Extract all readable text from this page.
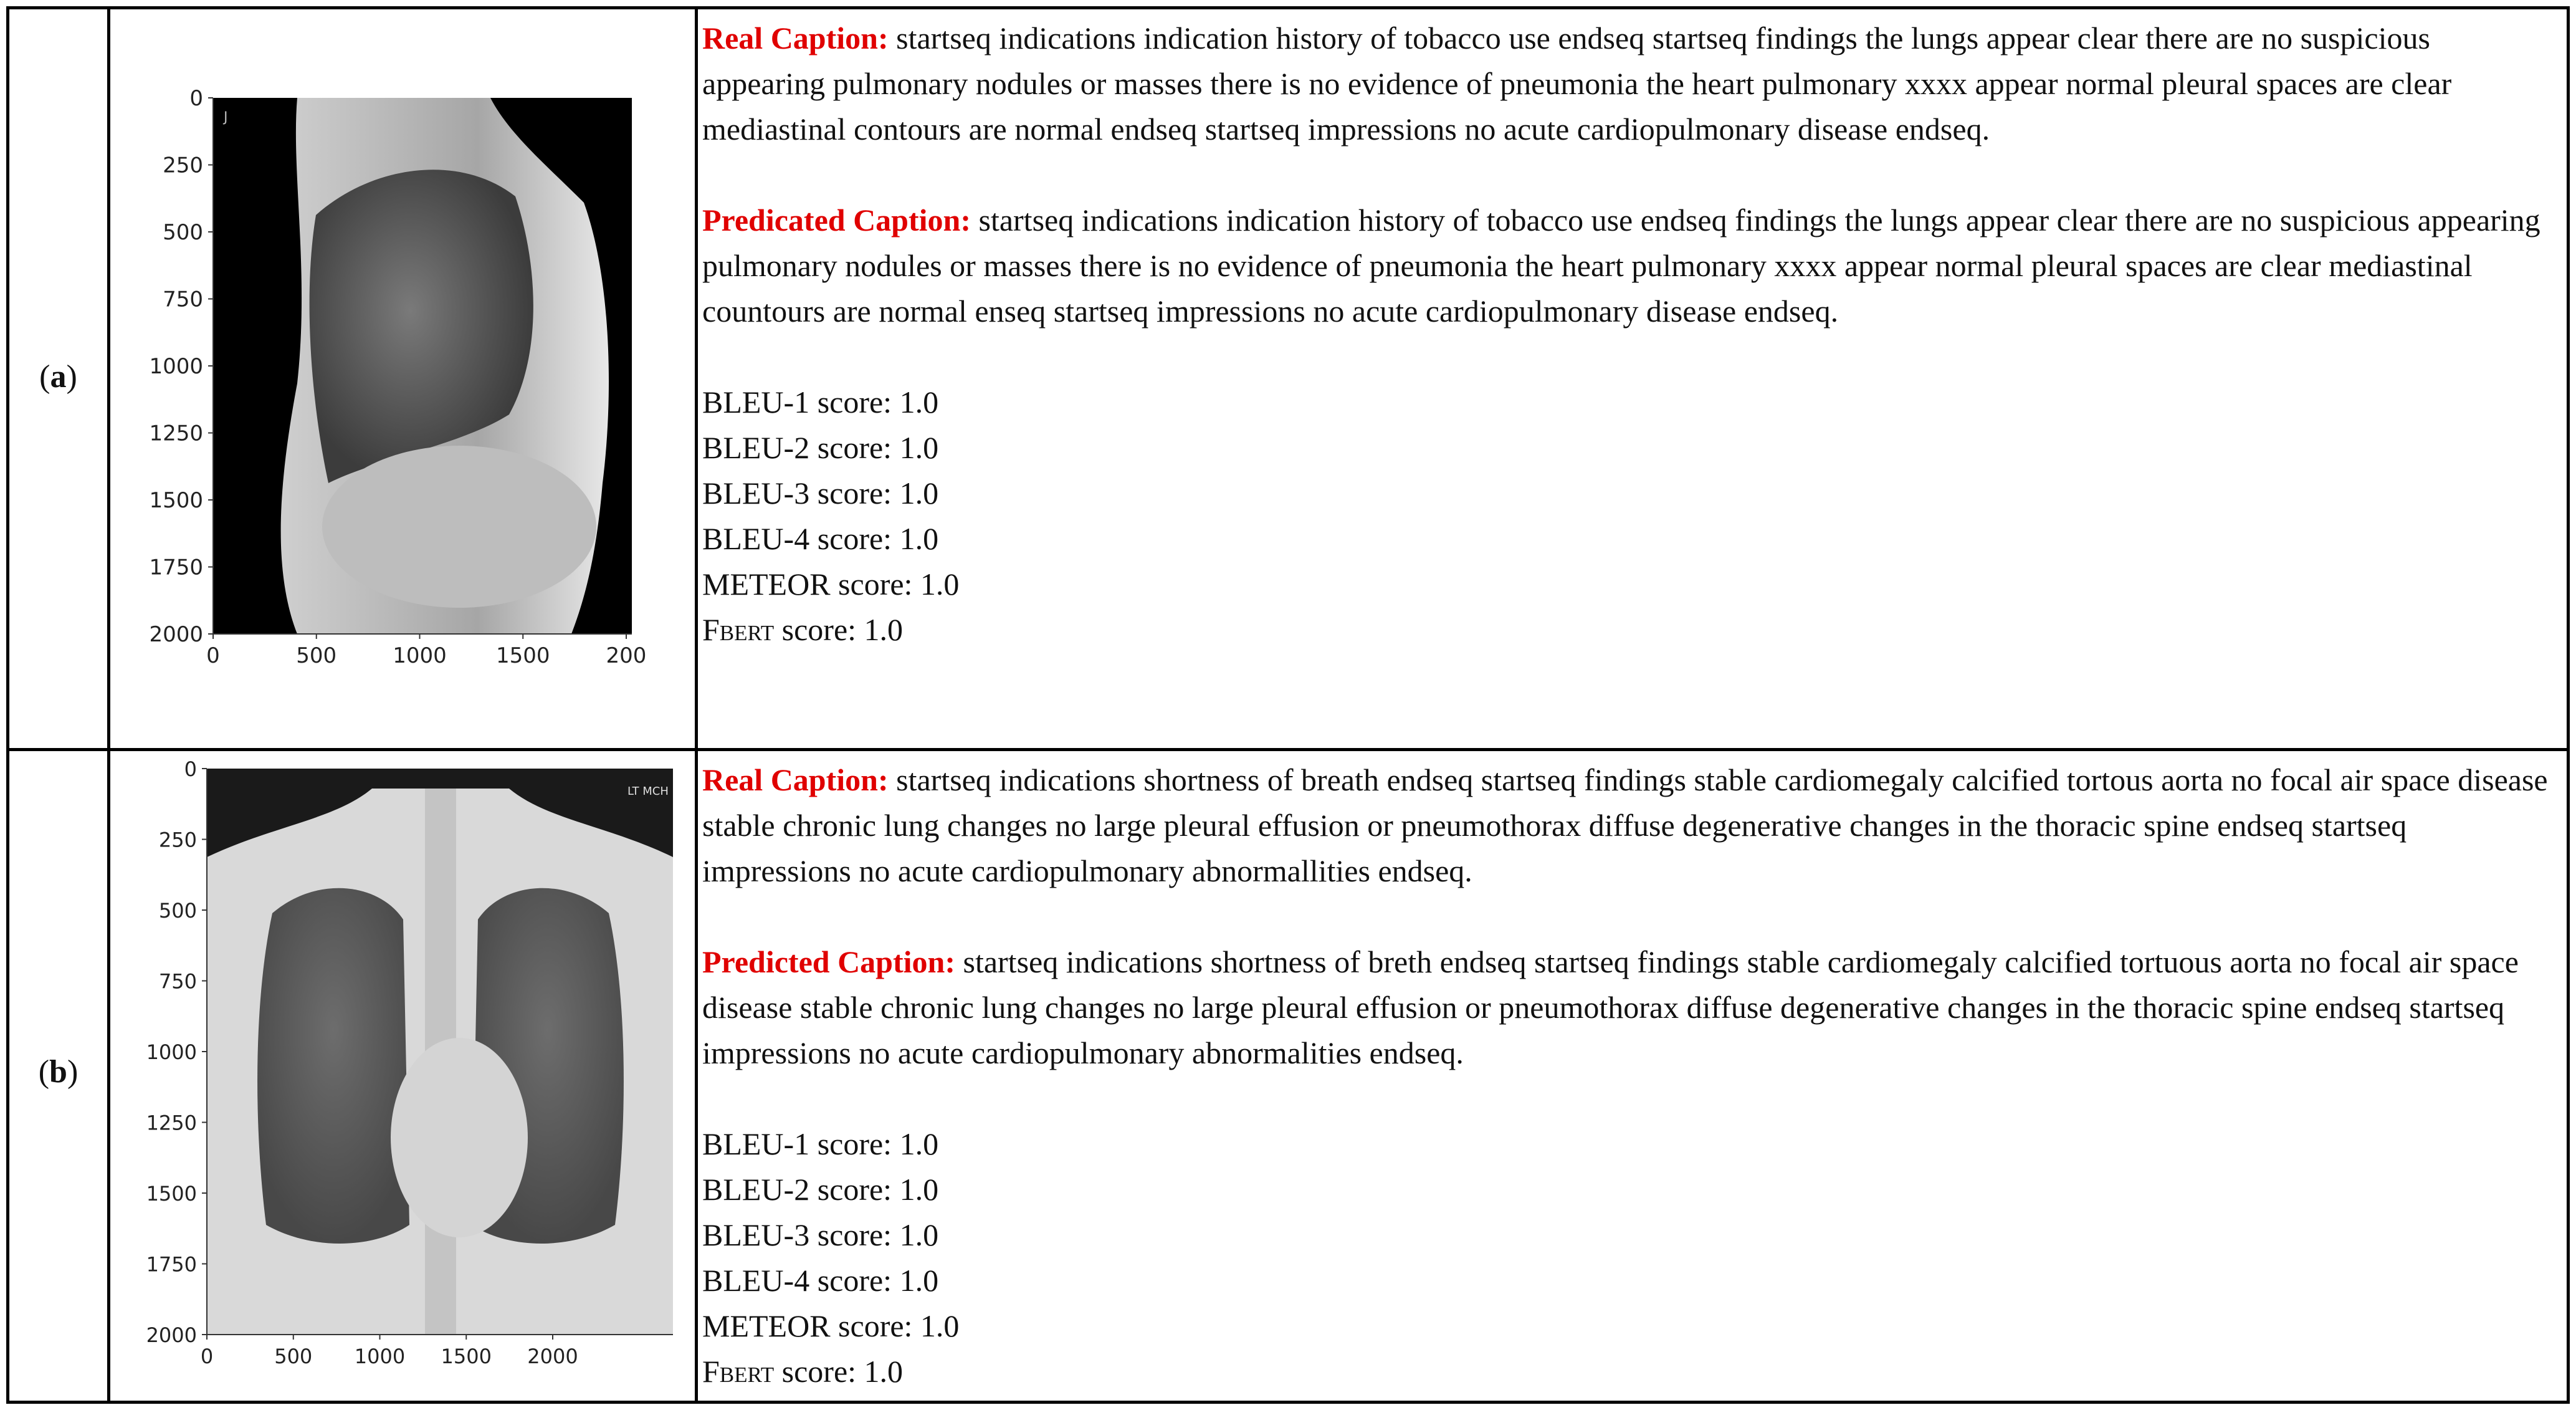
(a)
J
0
250
500
750
1000
1250
1500
1750
2000
0	500	1000 1500	200

Real Caption: startseq indications indication history of tobacco use endseq startseq findings the lungs appear clear there are no suspicious appearing pulmonary nodules or masses there is no evidence of pneumonia the heart pulmonary xxxx appear normal pleural spaces are clear mediastinal contours are normal endseq startseq impressions no acute cardiopulmonary disease endseq.

Predicated Caption: startseq indications indication history of tobacco use endseq findings the lungs appear clear there are no suspicious appearing pulmonary nodules or masses there is no evidence of pneumonia the heart pulmonary xxxx appear normal pleural spaces are clear mediastinal countours are normal enseq startseq impressions no acute cardiopulmonary disease endseq.

BLEU-1 score: 1.0
BLEU-2 score: 1.0
BLEU-3 score: 1.0
BLEU-4 score: 1.0
METEOR score: 1.0
Fbert score: 1.0
(b)
LT MCH
0
250
500
750
1000
1250
1500
1750
2000
0	500 1000 1500 2000

Real Caption: startseq indications shortness of breath endseq startseq findings stable cardiomegaly calcified tortous aorta no focal air space disease stable chronic lung changes no large pleural effusion or pneumothorax diffuse degenerative changes in the thoracic spine endseq startseq impressions no acute cardiopulmonary abnormallities endseq.

Predicted Caption: startseq indications shortness of breth endseq startseq findings stable cardiomegaly calcified tortuous aorta no focal air space disease stable chronic lung changes no large pleural effusion or pneumothorax diffuse degenerative changes in the thoracic spine endseq startseq impressions no acute cardiopulmonary abnormalities endseq.

BLEU-1 score: 1.0
BLEU-2 score: 1.0
BLEU-3 score: 1.0
BLEU-4 score: 1.0
METEOR score: 1.0
Fbert score: 1.0
